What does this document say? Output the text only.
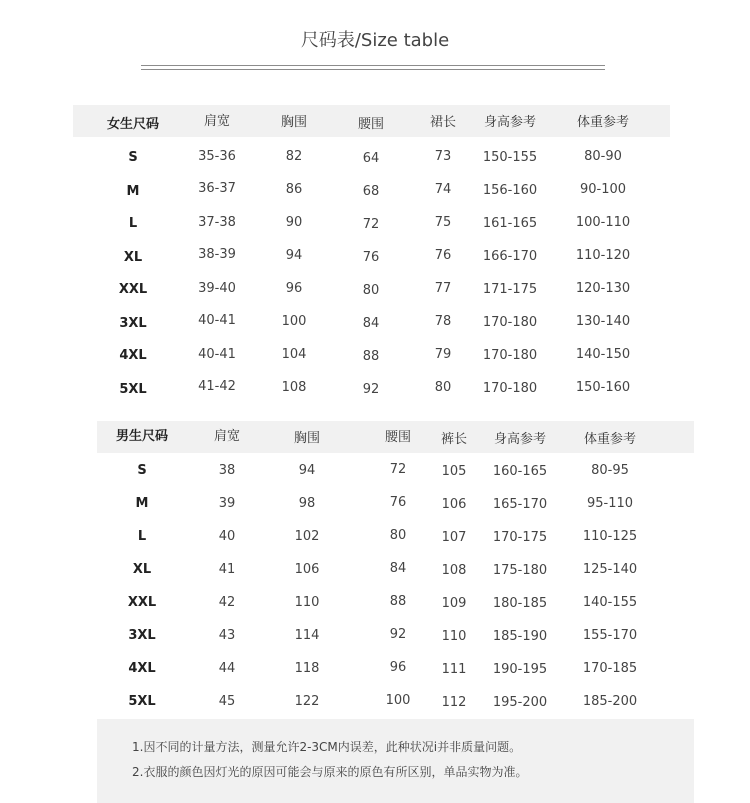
尺码表/Size table
女生尺码	肩宽	胸围	腰围	裙长	身高参考	体重参考
S	35-36	82	64	73	150-155	80-90
M	36-37	86	68	74	156-160	90-100
L	37-38	90	72	75	161-165	100-110
XL	38-39	94	76	76	166-170	110-120
XXL	39-40	96	80	77	171-175	120-130
3XL	40-41	100	84	78	170-180	130-140
4XL	40-41	104	88	79	170-180	140-150
5XL	41-42	108	92	80	170-180	150-160
男生尺码	肩宽	胸围	腰围	裤长	身高参考	体重参考
S	38	94	72	105	160-165	80-95
M	39	98	76	106	165-170	95-110
L	40	102	80	107	170-175	110-125
XL	41	106	84	108	175-180	125-140
XXL	42	110	88	109	180-185	140-155
3XL	43	114	92	110	185-190	155-170
4XL	44	118	96	111	190-195	170-185
5XL	45	122	100	112	195-200	185-200
1.因不同的计量方法，测量允许2-3CM内误差，此种状况i并非质量问题。
2.衣服的颜色因灯光的原因可能会与原来的原色有所区别，单品实物为准。
